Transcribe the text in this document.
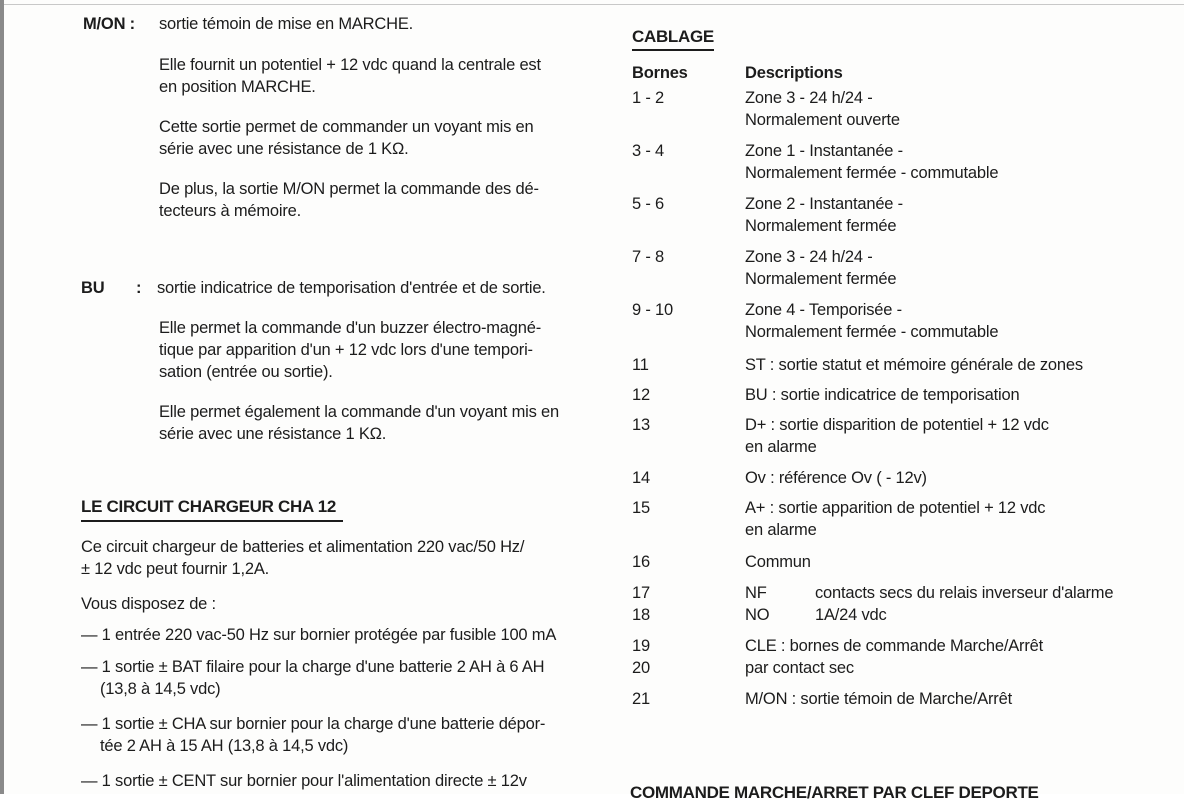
M/ON : sortie témoin de mise en MARCHE.
Elle fournit un potentiel + 12 vdc quand la centrale est
en position MARCHE.
Cette sortie permet de commander un voyant mis en
série avec une résistance de 1 KΩ.
De plus, la sortie M/ON permet la commande des dé-
tecteurs à mémoire.
BU : sortie indicatrice de temporisation d'entrée et de sortie.
Elle permet la commande d'un buzzer électro-magné-
tique par apparition d'un + 12 vdc lors d'une tempori-
sation (entrée ou sortie).
Elle permet également la commande d'un voyant mis en
série avec une résistance 1 KΩ.
LE CIRCUIT CHARGEUR CHA 12
Ce circuit chargeur de batteries et alimentation 220 vac/50 Hz/
± 12 vdc peut fournir 1,2A.
Vous disposez de :
— 1 entrée 220 vac-50 Hz sur bornier protégée par fusible 100 mA
— 1 sortie ± BAT filaire pour la charge d'une batterie 2 AH à 6 AH
(13,8 à 14,5 vdc)
— 1 sortie ± CHA sur bornier pour la charge d'une batterie dépor-
tée 2 AH à 15 AH (13,8 à 14,5 vdc)
— 1 sortie ± CENT sur bornier pour l'alimentation directe ± 12v
CABLAGE
Bornes	Descriptions
1 - 2	Zone 3 - 24 h/24 -
Normalement ouverte
3 - 4	Zone 1 - Instantanée -
Normalement fermée - commutable
5 - 6	Zone 2 - Instantanée -
Normalement fermée
7 - 8	Zone 3 - 24 h/24 -
Normalement fermée
9 - 10	Zone 4 - Temporisée -
Normalement fermée - commutable
11	ST : sortie statut et mémoire générale de zones
12	BU : sortie indicatrice de temporisation
13	D+ : sortie disparition de potentiel + 12 vdc
en alarme
14	Ov : référence Ov ( - 12v)
15	A+ : sortie apparition de potentiel + 12 vdc
en alarme
16	Commun
17	NF	contacts secs du relais inverseur d'alarme
18	NO	1A/24 vdc
19	CLE : bornes de commande Marche/Arrêt
20	par contact sec
21	M/ON : sortie témoin de Marche/Arrêt
COMMANDE MARCHE/ARRET PAR CLEF DEPORTE
